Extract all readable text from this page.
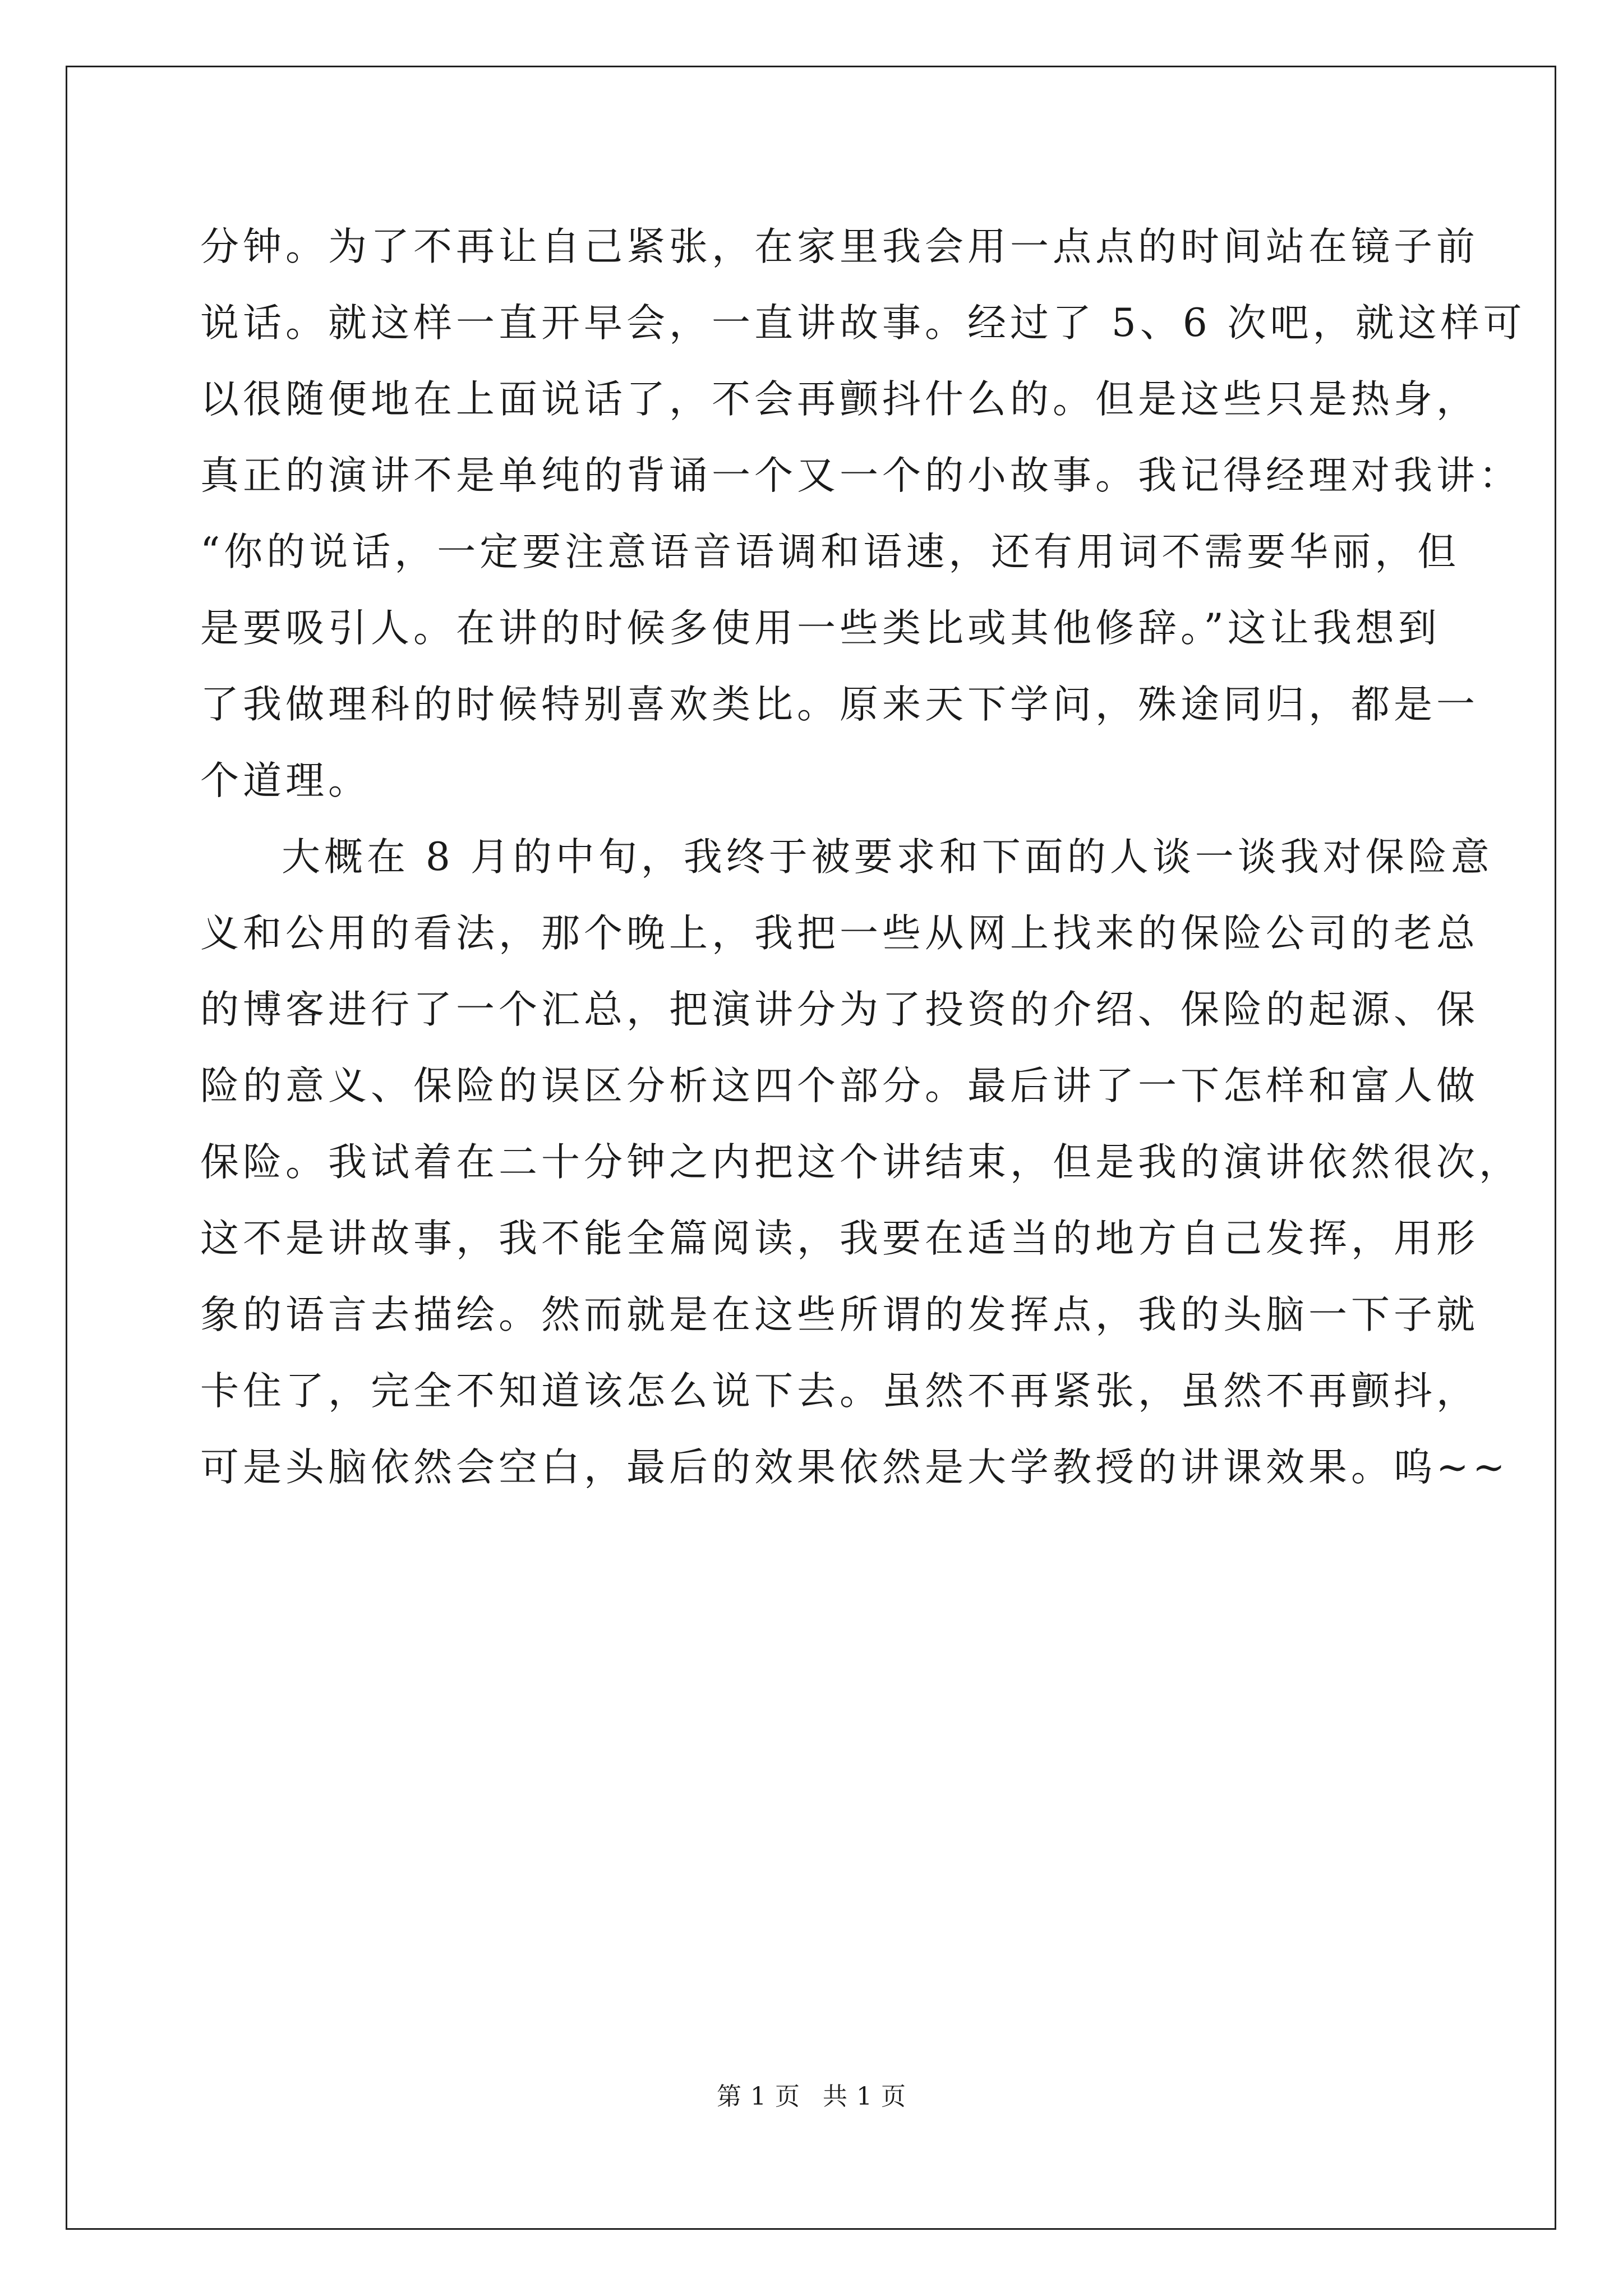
分钟。为了不再让自己紧张，在家里我会用一点点的时间站在镜子前
说话。就这样一直开早会，一直讲故事。经过了 5、6 次吧，就这样可
以很随便地在上面说话了，不会再颤抖什么的。但是这些只是热身，
真正的演讲不是单纯的背诵一个又一个的小故事。我记得经理对我讲：
“你的说话，一定要注意语音语调和语速，还有用词不需要华丽，但
是要吸引人。在讲的时候多使用一些类比或其他修辞。”这让我想到
了我做理科的时候特别喜欢类比。原来天下学问，殊途同归，都是一
个道理。
大概在 8 月的中旬，我终于被要求和下面的人谈一谈我对保险意
义和公用的看法，那个晚上，我把一些从网上找来的保险公司的老总
的博客进行了一个汇总，把演讲分为了投资的介绍、保险的起源、保
险的意义、保险的误区分析这四个部分。最后讲了一下怎样和富人做
保险。我试着在二十分钟之内把这个讲结束，但是我的演讲依然很次，
这不是讲故事，我不能全篇阅读，我要在适当的地方自己发挥，用形
象的语言去描绘。然而就是在这些所谓的发挥点，我的头脑一下子就
卡住了，完全不知道该怎么说下去。虽然不再紧张，虽然不再颤抖，
可是头脑依然会空白，最后的效果依然是大学教授的讲课效果。呜~~
第 1 页 共 1 页
